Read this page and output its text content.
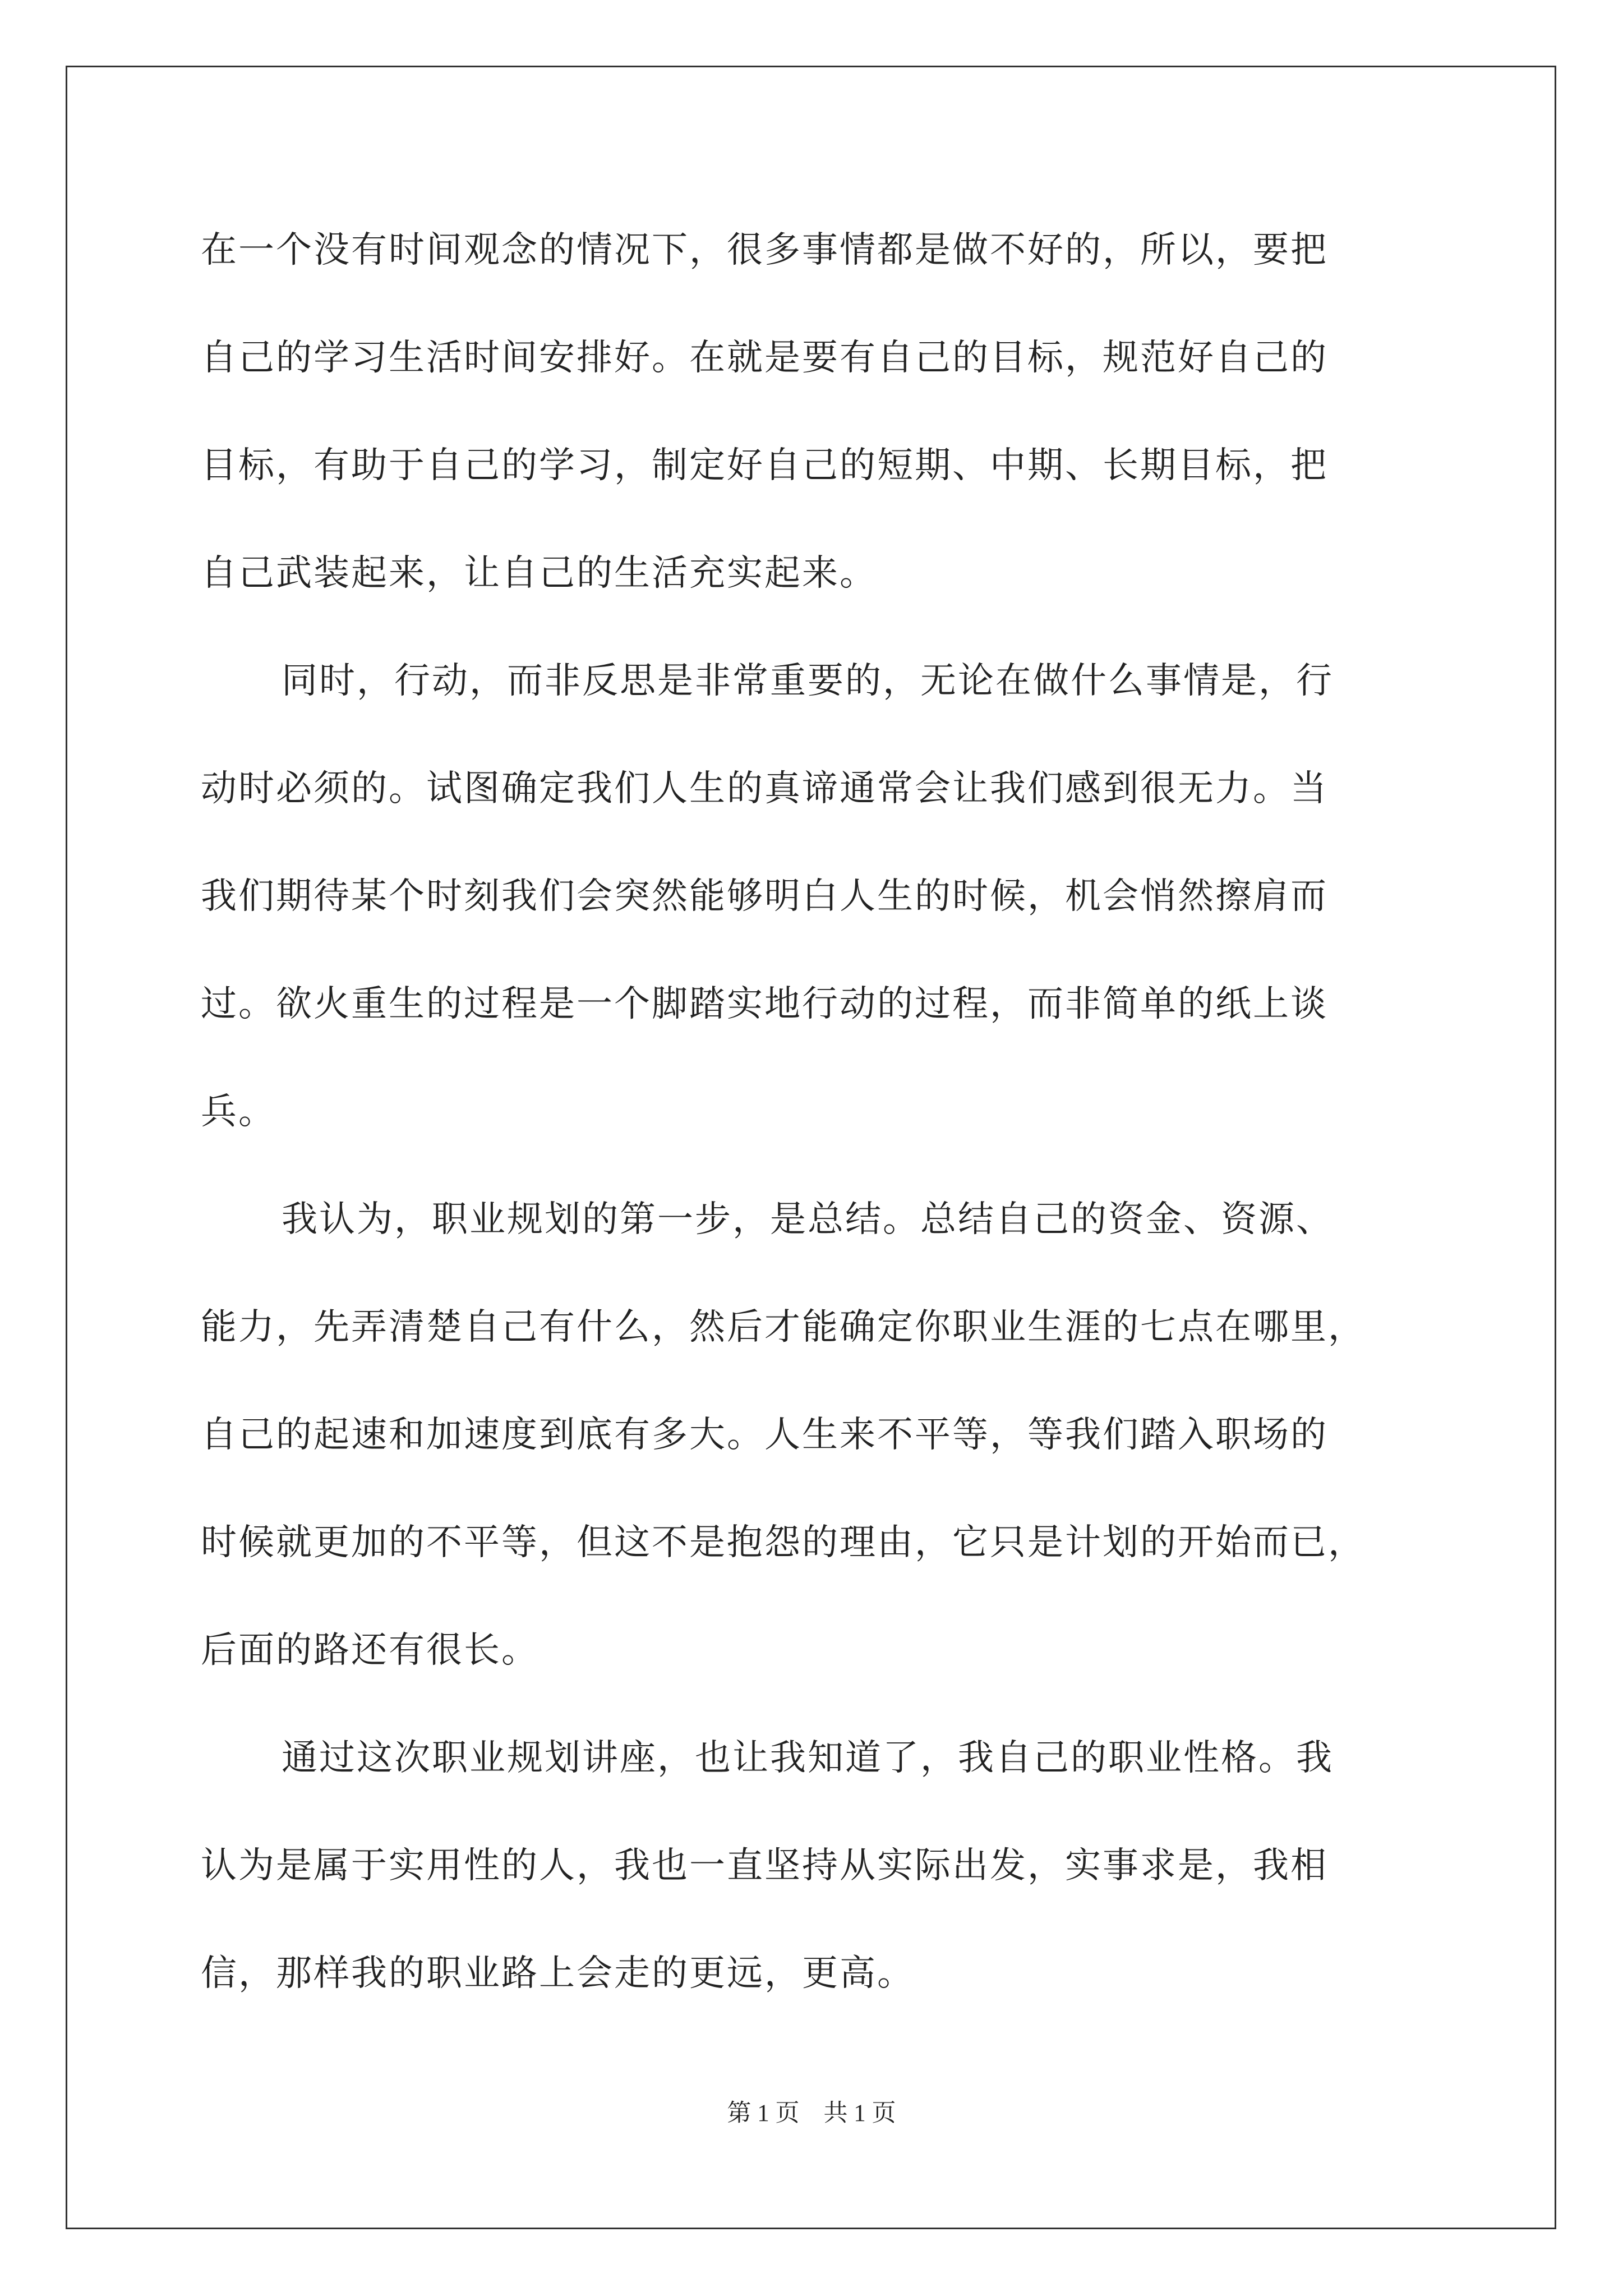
在一个没有时间观念的情况下，很多事情都是做不好的，所以，要把
自己的学习生活时间安排好。在就是要有自己的目标，规范好自己的
目标，有助于自己的学习，制定好自己的短期、中期、长期目标，把
自己武装起来，让自己的生活充实起来。
同时，行动，而非反思是非常重要的，无论在做什么事情是，行
动时必须的。试图确定我们人生的真谛通常会让我们感到很无力。当
我们期待某个时刻我们会突然能够明白人生的时候，机会悄然擦肩而
过。欲火重生的过程是一个脚踏实地行动的过程，而非简单的纸上谈
兵。
我认为，职业规划的第一步，是总结。总结自己的资金、资源、
能力，先弄清楚自己有什么，然后才能确定你职业生涯的七点在哪里，
自己的起速和加速度到底有多大。人生来不平等，等我们踏入职场的
时候就更加的不平等，但这不是抱怨的理由，它只是计划的开始而已，
后面的路还有很长。
通过这次职业规划讲座，也让我知道了，我自己的职业性格。我
认为是属于实用性的人，我也一直坚持从实际出发，实事求是，我相
信，那样我的职业路上会走的更远，更高。
第 1 页　共 1 页
